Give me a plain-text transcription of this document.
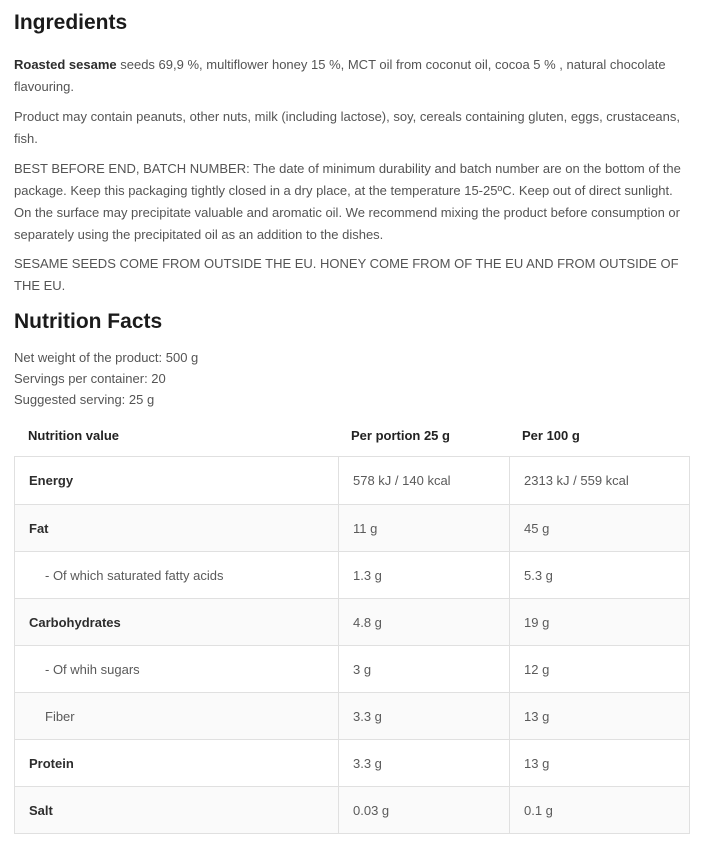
Ingredients

Roasted sesame seeds 69,9 %, multiflower honey 15 %, MCT oil from coconut oil, cocoa 5 % , natural chocolate flavouring.

Product may contain peanuts, other nuts, milk (including lactose), soy, cereals containing gluten, eggs, crustaceans, fish.

BEST BEFORE END, BATCH NUMBER: The date of minimum durability and batch number are on the bottom of the package. Keep this packaging tightly closed in a dry place, at the temperature 15-25ºC. Keep out of direct sunlight. On the surface may precipitate valuable and aromatic oil. We recommend mixing the product before consumption or separately using the precipitated oil as an addition to the dishes.

SESAME SEEDS COME FROM OUTSIDE THE EU. HONEY COME FROM OF THE EU AND FROM OUTSIDE OF THE EU.

Nutrition Facts
Net weight of the product: 500 g
Servings per container: 20
Suggested serving: 25 g
Nutrition value	Per portion 25 g	Per 100 g
Energy	578 kJ / 140 kcal	2313 kJ / 559 kcal
Fat	11 g	45 g
- Of which saturated fatty acids	1.3 g	5.3 g
Carbohydrates	4.8 g	19 g
- Of whih sugars	3 g	12 g
Fiber	3.3 g	13 g
Protein	3.3 g	13 g
Salt	0.03 g	0.1 g
